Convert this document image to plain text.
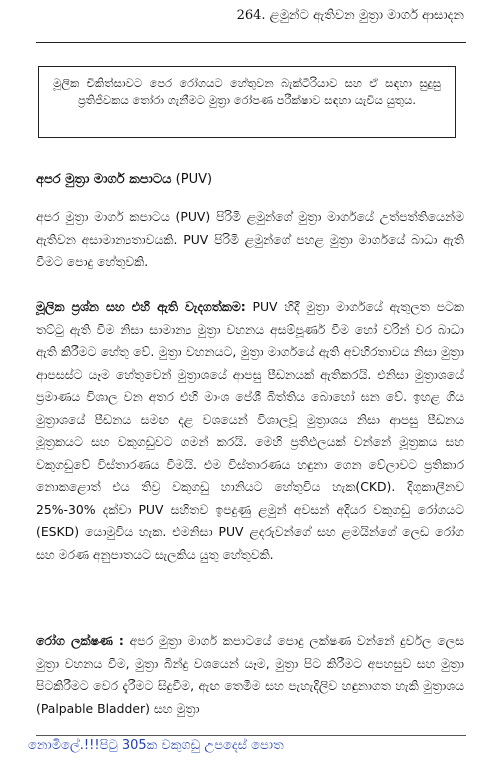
264. ළමුන්ට ඇතිවන මුත්‍රා මාර්ග ආසාදන
මූලික චිකිත්සාවට පෙර රෝගයට හේතුවන බැක්ටීරියාව සහ ඒ සඳහා සුදුසු ප්‍රතිජීවකය තෝරා ගැනීමට මුත්‍රා රෝපණ පරීක්ෂාව සඳහා යැවිය යුතුය.
අපර මුත්‍රා මාර්ග කපාටය (PUV)
අපර මුත්‍රා මාර්ග කපාටය (PUV) පිරිමි ළමුන්ගේ මුත්‍රා මාර්ගයේ උත්පත්තියෙන්ම ඇතිවන අසාමාන්‍යතාවයකි. PUV පිරිමි ළමුන්ගේ පහළ මුත්‍රා මාර්ගයේ බාධා ඇති වීමට පොදු හේතුවකි.
මූලික ප්‍රශ්න සහ එහි ඇති වැදගත්කම: PUV හිදී මුත්‍රා මාර්ගයේ ඇතුලත පටක තට්ටු ඇති වීම නිසා සාමාන්‍ය මුත්‍රා වහනය අසම්පූර්ණ වීම හෝ වරින් වර බාධා ඇති කිරීමට හේතු වේ. මුත්‍රා වහනයට, මුත්‍රා මාර්ගයේ ඇති අවහිරතාවය නිසා මුත්‍රා ආපසස්ට යෑම හේතුවෙන් මුත්‍රාශයේ ආපසු පීඩනයක් ඇතිකරයි. එනිසා මුත්‍රාශයේ ප්‍රමාණය විශාල වන අතර එහි මාංශ පේශී බිත්තිය බොහෝ ඝන වේ. ඉහළ ගිය මුත්‍රාශයේ පීඩනය සමඟ දළ වශයෙන් විශාලවූ මුත්‍රාශය නිසා ආපසු පීඩනය මූත්‍රකයට සහ වකුගඩුවට ගමන් කරයි. මෙහි ප්‍රතිඵලයක් වන්නේ මූත්‍රකය සහ වකුගඩුවේ විස්තාරණය වීමයි. එම විස්තාරණය හඳුනා ගෙන වේලාවට ප්‍රතිකාර නොකළොත් එය තිව්‍ර වකුගඩු හානියට හේතුවිය හැක(CKD). දිගුකාලීනව 25%-30% දක්වා PUV සහිතව ඉපදුණු ළමුන් අවසන් අදියර වකුගඩු රෝගයට (ESKD) යොමුවිය හැක. එමනිසා PUV ළදරුවන්ගේ සහ ළමයින්ගේ ලෙඩ රෝග සහ මරණ අනුපාතයට සැලකිය යුතු හේතුවකි.
රෝග ලක්ෂණ : අපර මුත්‍රා මාර්ග කපාටයේ පොදු ලක්ෂණ වන්නේ දුර්වල ලෙස මුත්‍රා වහනය වීම, මුත්‍රා බින්දු වශයෙන් යෑම, මුත්‍රා පිට කිරීමට අපහසුව සහ මුත්‍රා පිටකිරීමට වෙර දැරීමට සිදුවීම, ඇඟ තෙමීම සහ පැහැදිලිව හඳුනාගත හැකි මුත්‍රාශය (Palpable Bladder) සහ මුත්‍රා
නොමිලේ.!!!පිටු 305ක වකුගඩු උපදෙස් පොත
